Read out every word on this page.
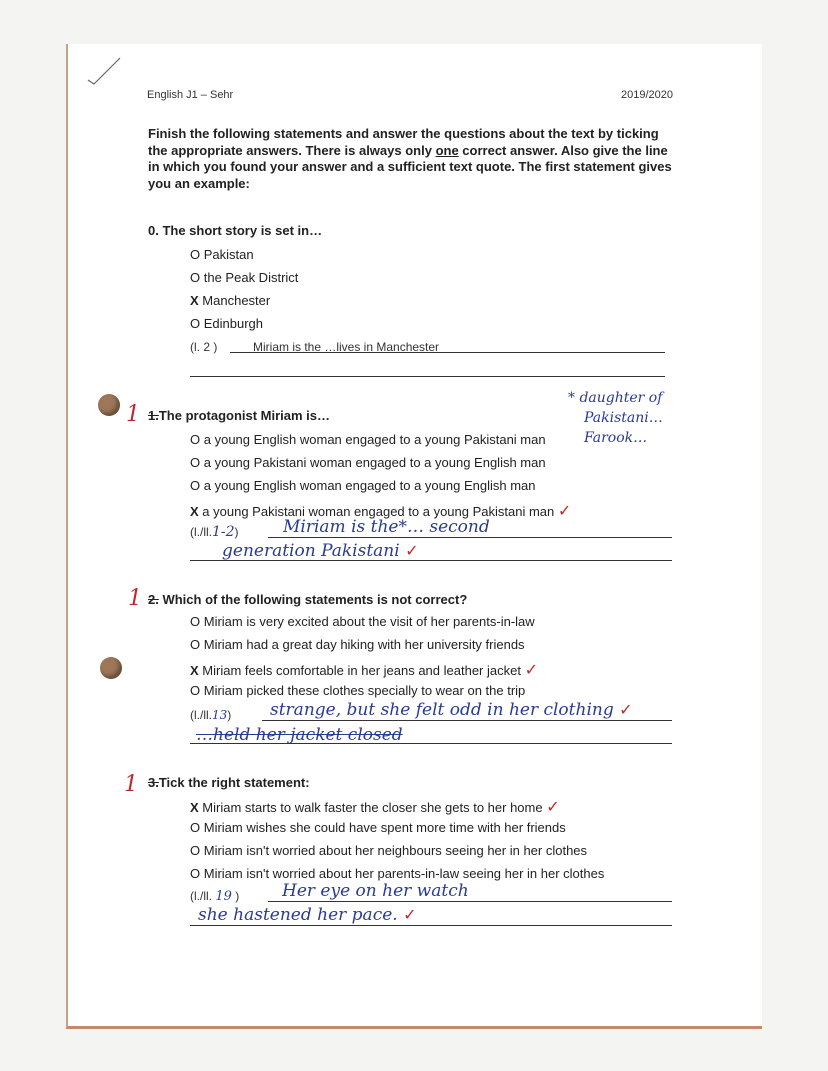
English J1 – Sehr	2019/2020
Finish the following statements and answer the questions about the text by ticking the appropriate answers. There is always only one correct answer. Also give the line in which you found your answer and a sufficient text quote. The first statement gives you an example:
0. The short story is set in…
O Pakistan
O the Peak District
X Manchester
O Edinburgh
(l. 2 )	Miriam is the …lives in Manchester
1 1.The protagonist Miriam is…
* daughter of
Pakistani…
Farook…
O a young English woman engaged to a young Pakistani man
O a young Pakistani woman engaged to a young English man
O a young English woman engaged to a young English man
X a young Pakistani woman engaged to a young Pakistani man ✓
(l./ll.1-2)	Miriam is the*… second
generation Pakistani ✓
1 2. Which of the following statements is not correct?
O Miriam is very excited about the visit of her parents-in-law
O Miriam had a great day hiking with her university friends
X Miriam feels comfortable in her jeans and leather jacket ✓
O Miriam picked these clothes specially to wear on the trip
(l./ll.13) strange, but she felt odd in her clothing ✓
…held her jacket closed
1 3.Tick the right statement:
X Miriam starts to walk faster the closer she gets to her home ✓
O Miriam wishes she could have spent more time with her friends
O Miriam isn't worried about her neighbours seeing her in her clothes
O Miriam isn't worried about her parents-in-law seeing her in her clothes
(l./ll. 19 )	Her eye on her watch
she hastened her pace. ✓
